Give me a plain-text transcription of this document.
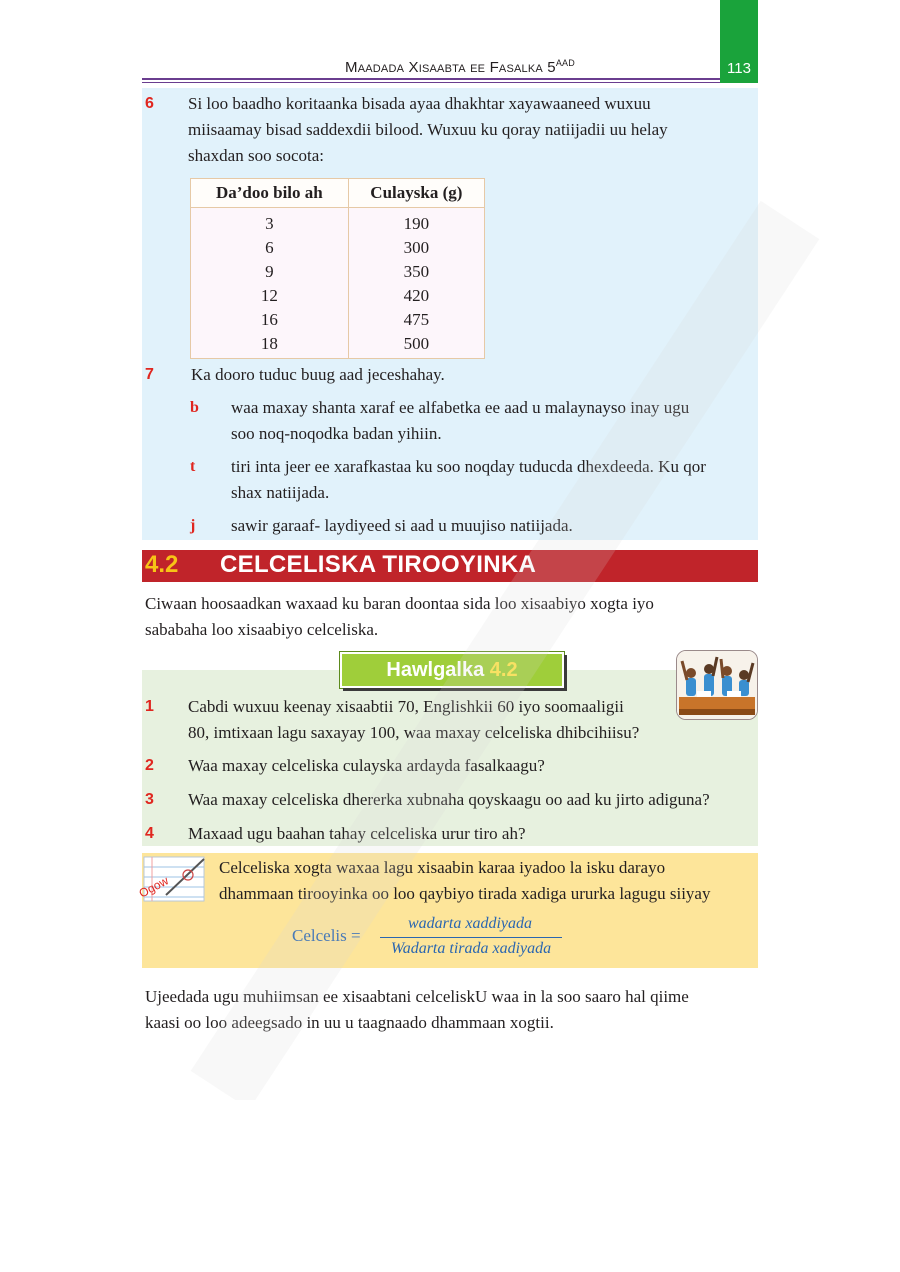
113
Maadada Xisaabta ee Fasalka $5^{AAD}$
6 Si loo baadho koritaanka bisada ayaa dhakhtar xayawaaneed wuxuu
miisaamay bisad saddexdii bilood. Wuxuu ku qoray natiijadii uu helay
shaxdan soo socota:
Da’doo bilo ah	Culayska (g)
3	190
6	300
9	350
12	420
16	475
18	500
7 Ka dooro tuduc buug aad jeceshahay.
b waa maxay shanta xaraf ee alfabetka ee aad u malaynayso inay ugu
soo noq-noqodka badan yihiin.
t tiri inta jeer ee xarafkastaa ku soo noqday tuducda dhexdeeda. Ku qor
shax natiijada.
j sawir garaaf- laydiyeed si aad u muujiso natiijada.
4.2 CELCELISKA TIROOYINKA
Ciwaan hoosaadkan waxaad ku baran doontaa sida loo xisaabiyo xogta iyo
sababaha loo xisaabiyo celceliska.
Hawlgalka 4.2
1 Cabdi wuxuu keenay xisaabtii 70, Englishkii 60 iyo soomaaligii
80, imtixaan lagu saxayay 100, waa maxay celceliska dhibcihiisu?
2 Waa maxay celceliska culayska ardayda fasalkaagu?
3 Waa maxay celceliska dhererka xubnaha qoyskaagu oo aad ku jirto adiguna?
4 Maxaad ugu baahan tahay celceliska urur tiro ah?
Ogow
Celceliska xogta waxaa lagu xisaabin karaa iyadoo la isku darayo
dhammaan tirooyinka oo loo qaybiyo tirada xadiga ururka lagugu siiyay
Celcelis =
wadarta xaddiyada
Wadarta tirada xadiyada
Ujeedada ugu muhiimsan ee xisaabtani celceliskU waa in la soo saaro hal qiime
kaasi oo loo adeegsado in uu u taagnaado dhammaan xogtii.
